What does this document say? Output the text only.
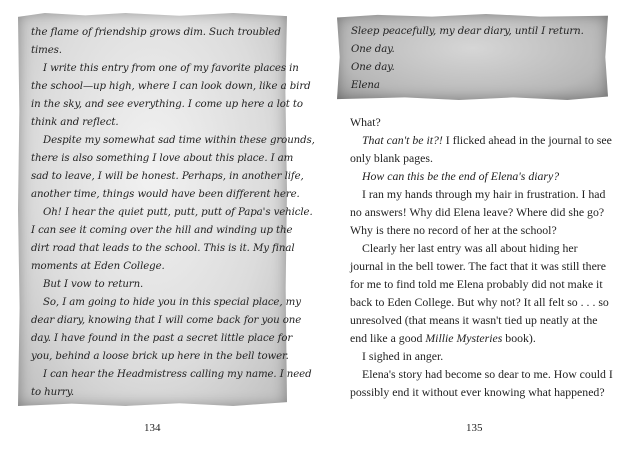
the flame of friendship grows dim. Such troubled
times.
I write this entry from one of my favorite places in
the school—up high, where I can look down, like a bird
in the sky, and see everything. I come up here a lot to
think and reflect.
Despite my somewhat sad time within these grounds,
there is also something I love about this place. I am
sad to leave, I will be honest. Perhaps, in another life,
another time, things would have been different here.
Oh! I hear the quiet putt, putt, putt of Papa's vehicle.
I can see it coming over the hill and winding up the
dirt road that leads to the school. This is it. My final
moments at Eden College.
But I vow to return.
So, I am going to hide you in this special place, my
dear diary, knowing that I will come back for you one
day. I have found in the past a secret little place for
you, behind a loose brick up here in the bell tower.
I can hear the Headmistress calling my name. I need
to hurry.
134
Sleep peacefully, my dear diary, until I return.
One day.
One day.
Elena
What?
That can't be it?! I flicked ahead in the journal to see
only blank pages.
How can this be the end of Elena's diary?
I ran my hands through my hair in frustration. I had
no answers! Why did Elena leave? Where did she go?
Why is there no record of her at the school?
Clearly her last entry was all about hiding her
journal in the bell tower. The fact that it was still there
for me to find told me Elena probably did not make it
back to Eden College. But why not? It all felt so . . . so
unresolved (that means it wasn't tied up neatly at the
end like a good Millie Mysteries book).
I sighed in anger.
Elena's story had become so dear to me. How could I
possibly end it without ever knowing what happened?
135
